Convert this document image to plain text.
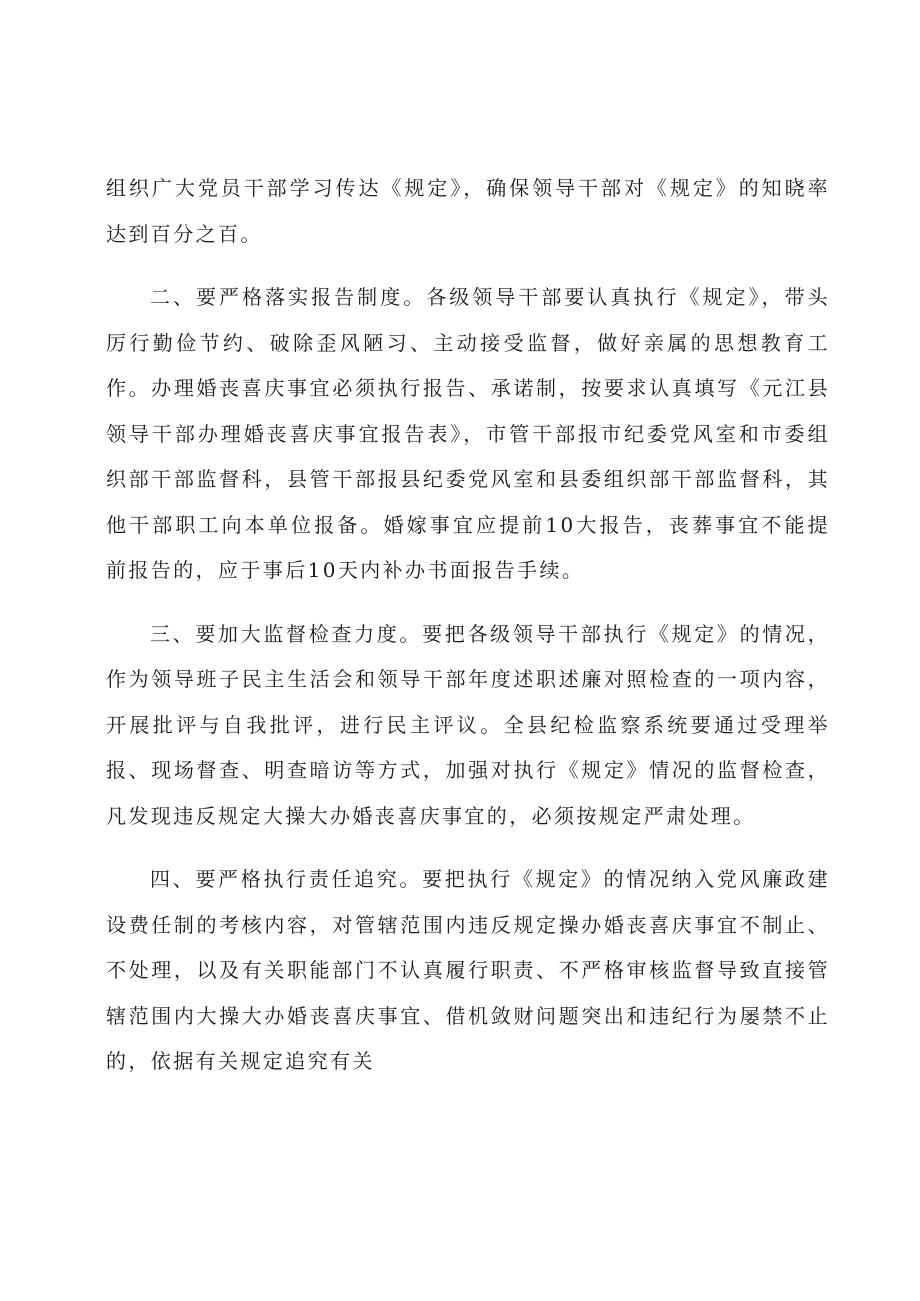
组织广大党员干部学习传达《规定》，确保领导干部对《规定》的知晓率达到百分之百。

二、要严格落实报告制度。各级领导干部要认真执行《规定》，带头厉行勤俭节约、破除歪风陋习、主动接受监督，做好亲属的思想教育工作。办理婚丧喜庆事宜必须执行报告、承诺制，按要求认真填写《元江县领导干部办理婚丧喜庆事宜报告表》，市管干部报市纪委党风室和市委组织部干部监督科，县管干部报县纪委党风室和县委组织部干部监督科，其他干部职工向本单位报备。婚嫁事宜应提前10大报告，丧葬事宜不能提前报告的，应于事后10天内补办书面报告手续。

三、要加大监督检查力度。要把各级领导干部执行《规定》的情况，作为领导班子民主生活会和领导干部年度述职述廉对照检查的一项内容，开展批评与自我批评，进行民主评议。全县纪检监察系统要通过受理举报、现场督查、明查暗访等方式，加强对执行《规定》情况的监督检查，凡发现违反规定大操大办婚丧喜庆事宜的，必须按规定严肃处理。

四、要严格执行责任追究。要把执行《规定》的情况纳入党风廉政建设费任制的考核内容，对管辖范围内违反规定操办婚丧喜庆事宜不制止、不处理，以及有关职能部门不认真履行职责、不严格审核监督导致直接管辖范围内大操大办婚丧喜庆事宜、借机敛财问题突出和违纪行为屡禁不止的，依据有关规定追究有关
